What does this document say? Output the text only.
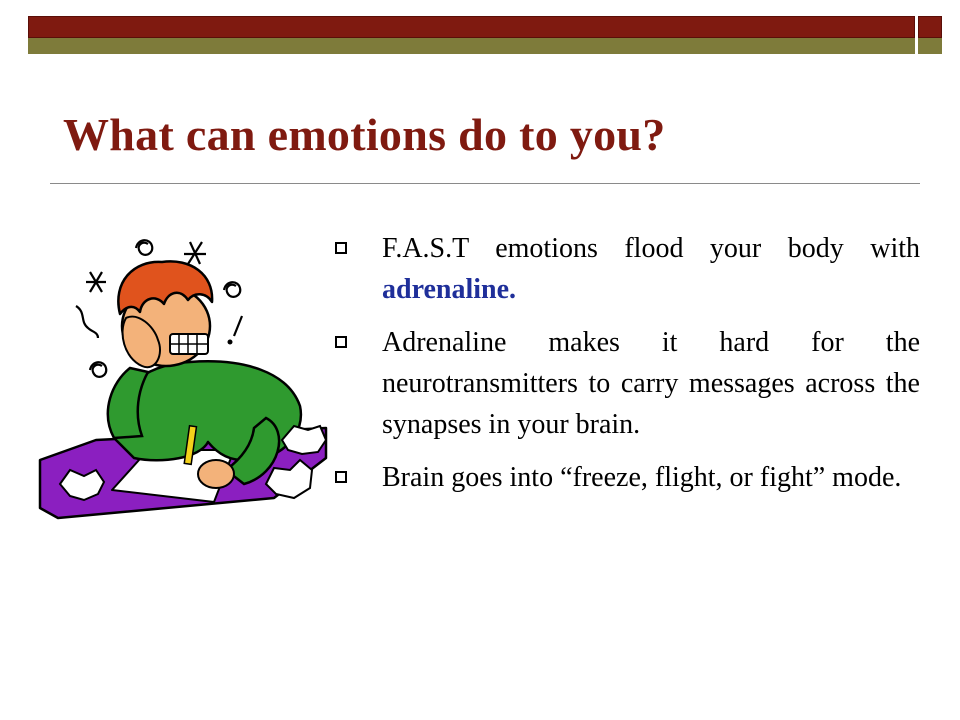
What can emotions do to you?
F.A.S.T emotions flood your body with adrenaline.
Adrenaline makes it hard for the neurotransmitters to carry messages across the synapses in your brain.
Brain goes into “freeze, flight, or fight” mode.
